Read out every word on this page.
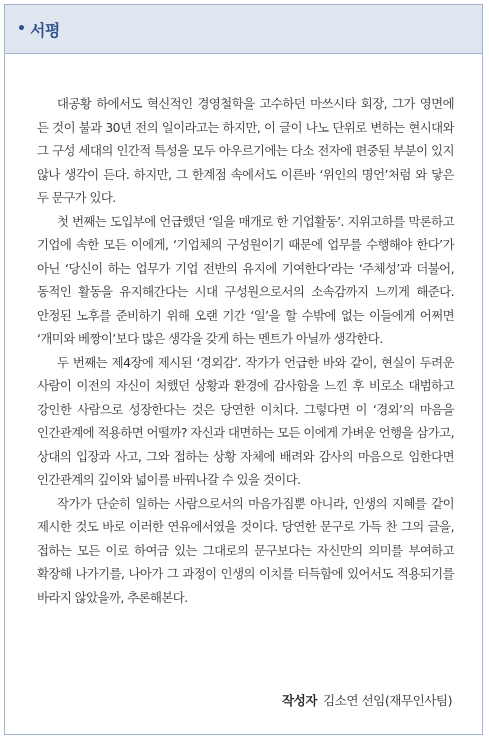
• 서평

대공황 하에서도 혁신적인 경영철학을 고수하던 마쓰시타 회장, 그가 영면에 든 것이 불과 30년 전의 일이라고는 하지만, 이 글이 나노 단위로 변하는 현시대와 그 구성 세대의 인간적 특성을 모두 아우르기에는 다소 전자에 편중된 부분이 있지 않나 생각이 든다. 하지만, 그 한계점 속에서도 이른바 ‘위인의 명언’처럼 와 닿은 두 문구가 있다.

첫 번째는 도입부에 언급했던 ‘일을 매개로 한 기업활동’. 지위고하를 막론하고 기업에 속한 모든 이에게, ‘기업체의 구성원이기 때문에 업무를 수행해야 한다’가 아닌 ‘당신이 하는 업무가 기업 전반의 유지에 기여한다’라는 ‘주체성’과 더불어, 동적인 활동을 유지해간다는 시대 구성원으로서의 소속감까지 느끼게 해준다. 안정된 노후를 준비하기 위해 오랜 기간 ‘일’을 할 수밖에 없는 이들에게 어쩌면 ‘개미와 베짱이’보다 많은 생각을 갖게 하는 멘트가 아닐까 생각한다.

두 번째는 제4장에 제시된 ‘경외감’. 작가가 언급한 바와 같이, 현실이 두려운 사람이 이전의 자신이 처했던 상황과 환경에 감사함을 느낀 후 비로소 대범하고 강인한 사람으로 성장한다는 것은 당연한 이치다. 그렇다면 이 ‘경외’의 마음을 인간관계에 적용하면 어떨까? 자신과 대면하는 모든 이에게 가벼운 언행을 삼가고, 상대의 입장과 사고, 그와 접하는 상황 자체에 배려와 감사의 마음으로 임한다면 인간관계의 깊이와 넓이를 바꿔나갈 수 있을 것이다.

작가가 단순히 일하는 사람으로서의 마음가짐뿐 아니라, 인생의 지혜를 같이 제시한 것도 바로 이러한 연유에서였을 것이다. 당연한 문구로 가득 찬 그의 글을, 접하는 모든 이로 하여금 있는 그대로의 문구보다는 자신만의 의미를 부여하고 확장해 나가기를, 나아가 그 과정이 인생의 이치를 터득함에 있어서도 적용되기를 바라지 않았을까, 추론해본다.

작성자 김소연 선임(재무인사팀)
